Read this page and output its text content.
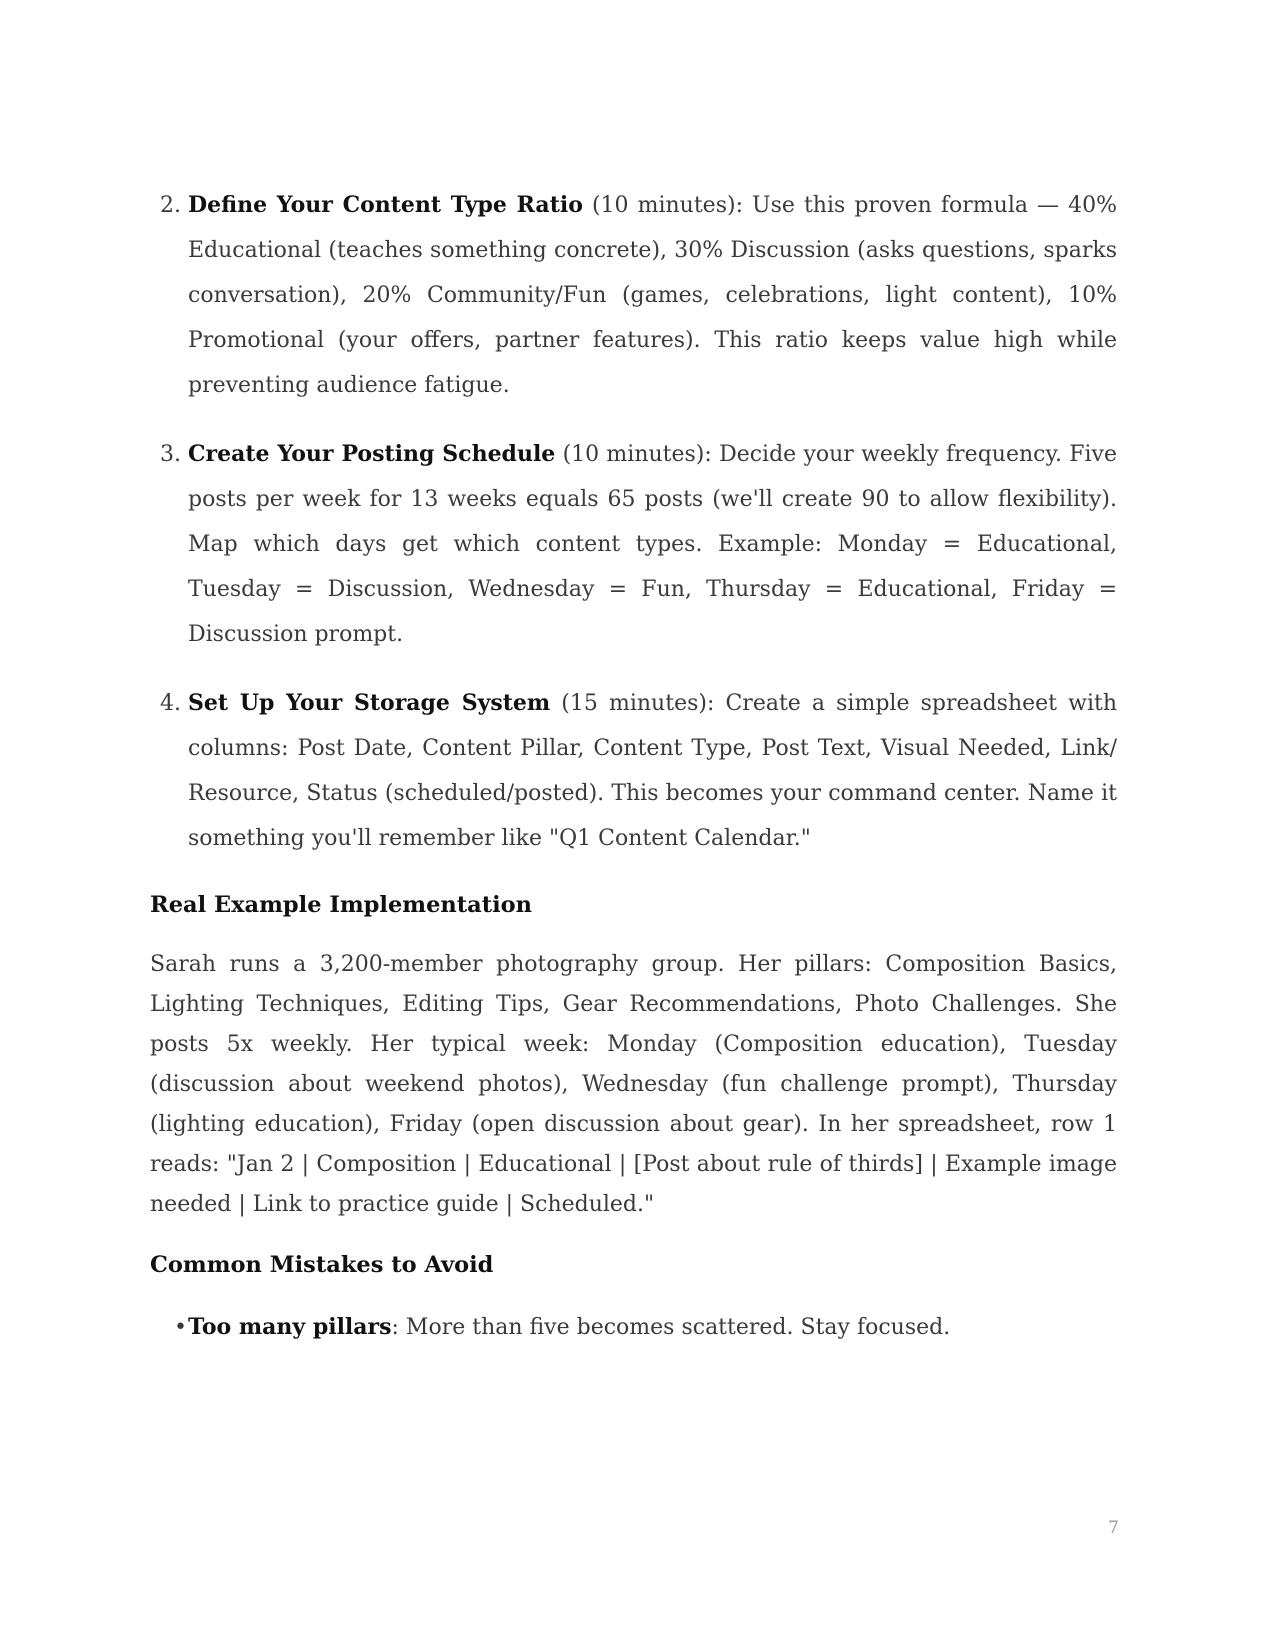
2. Define Your Content Type Ratio (10 minutes): Use this proven formula — 40% Educational (teaches something concrete), 30% Discussion (asks questions, sparks conversation), 20% Community/Fun (games, celebrations, light content), 10% Promotional (your offers, partner features). This ratio keeps value high while preventing audience fatigue.
3. Create Your Posting Schedule (10 minutes): Decide your weekly frequency. Five posts per week for 13 weeks equals 65 posts (we'll create 90 to allow flexibility). Map which days get which content types. Example: Monday = Educational, Tuesday = Discussion, Wednesday = Fun, Thursday = Educational, Friday = Discussion prompt.
4. Set Up Your Storage System (15 minutes): Create a simple spreadsheet with columns: Post Date, Content Pillar, Content Type, Post Text, Visual Needed, Link/ Resource, Status (scheduled/posted). This becomes your command center. Name it something you'll remember like "Q1 Content Calendar."
Real Example Implementation

Sarah runs a 3,200-member photography group. Her pillars: Composition Basics, Lighting Techniques, Editing Tips, Gear Recommendations, Photo Challenges. She posts 5x weekly. Her typical week: Monday (Composition education), Tuesday (discussion about weekend photos), Wednesday (fun challenge prompt), Thursday (lighting education), Friday (open discussion about gear). In her spreadsheet, row 1 reads: "Jan 2 | Composition | Educational | [Post about rule of thirds] | Example image needed | Link to practice guide | Scheduled."

Common Mistakes to Avoid
• Too many pillars: More than five becomes scattered. Stay focused.
7
